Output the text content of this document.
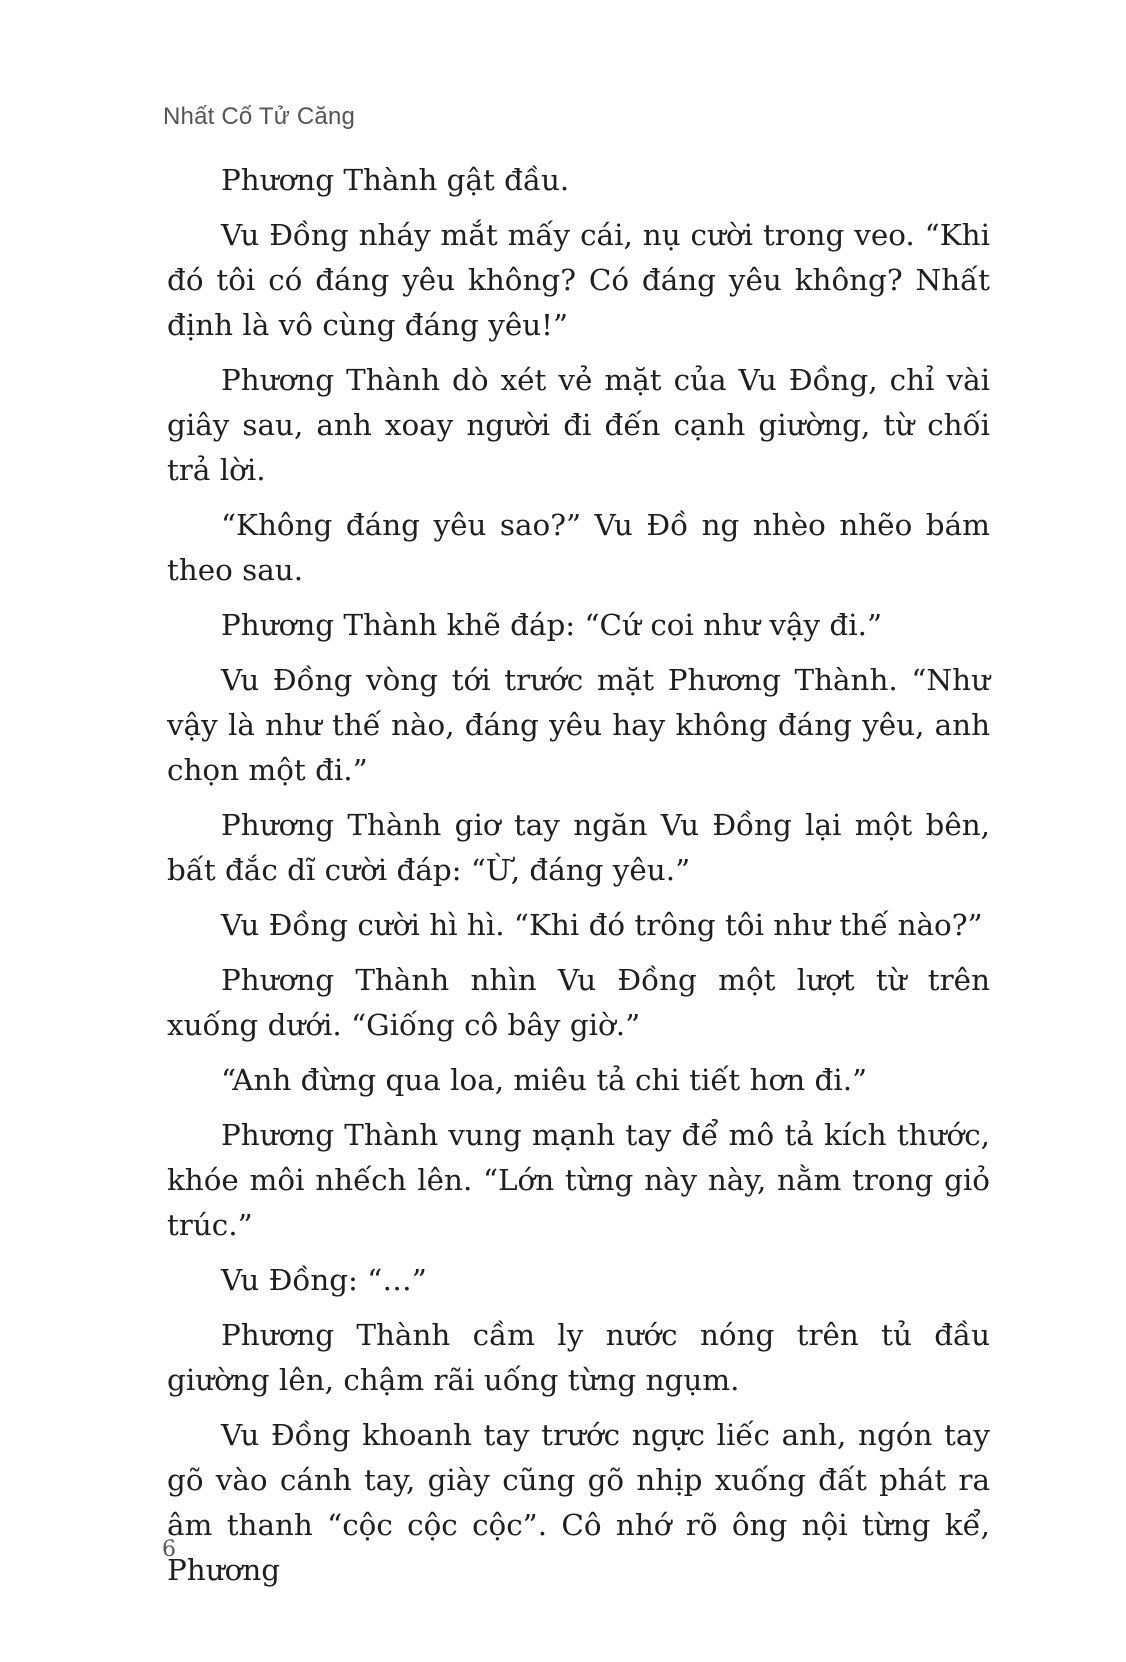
Nhất Cố Tử Căng

Phương Thành gật đầu.

Vu Đồng nháy mắt mấy cái, nụ cười trong veo. “Khi đó tôi có đáng yêu không? Có đáng yêu không? Nhất định là vô cùng đáng yêu!”

Phương Thành dò xét vẻ mặt của Vu Đồng, chỉ vài giây sau, anh xoay người đi đến cạnh giường, từ chối trả lời.

“Không đáng yêu sao?” Vu Đồ ng nhèo nhẽo bám theo sau.

Phương Thành khẽ đáp: “Cứ coi như vậy đi.”

Vu Đồng vòng tới trước mặt Phương Thành. “Như vậy là như thế nào, đáng yêu hay không đáng yêu, anh chọn một đi.”

Phương Thành giơ tay ngăn Vu Đồng lại một bên, bất đắc dĩ cười đáp: “Ừ, đáng yêu.”

Vu Đồng cười hì hì. “Khi đó trông tôi như thế nào?”

Phương Thành nhìn Vu Đồng một lượt từ trên xuống dưới. “Giống cô bây giờ.”

“Anh đừng qua loa, miêu tả chi tiết hơn đi.”

Phương Thành vung mạnh tay để mô tả kích thước, khóe môi nhếch lên. “Lớn từng này này, nằm trong giỏ trúc.”

Vu Đồng: “…”

Phương Thành cầm ly nước nóng trên tủ đầu giường lên, chậm rãi uống từng ngụm.

Vu Đồng khoanh tay trước ngực liếc anh, ngón tay gõ vào cánh tay, giày cũng gõ nhịp xuống đất phát ra âm thanh “cộc cộc cộc”. Cô nhớ rõ ông nội từng kể, Phương

6
